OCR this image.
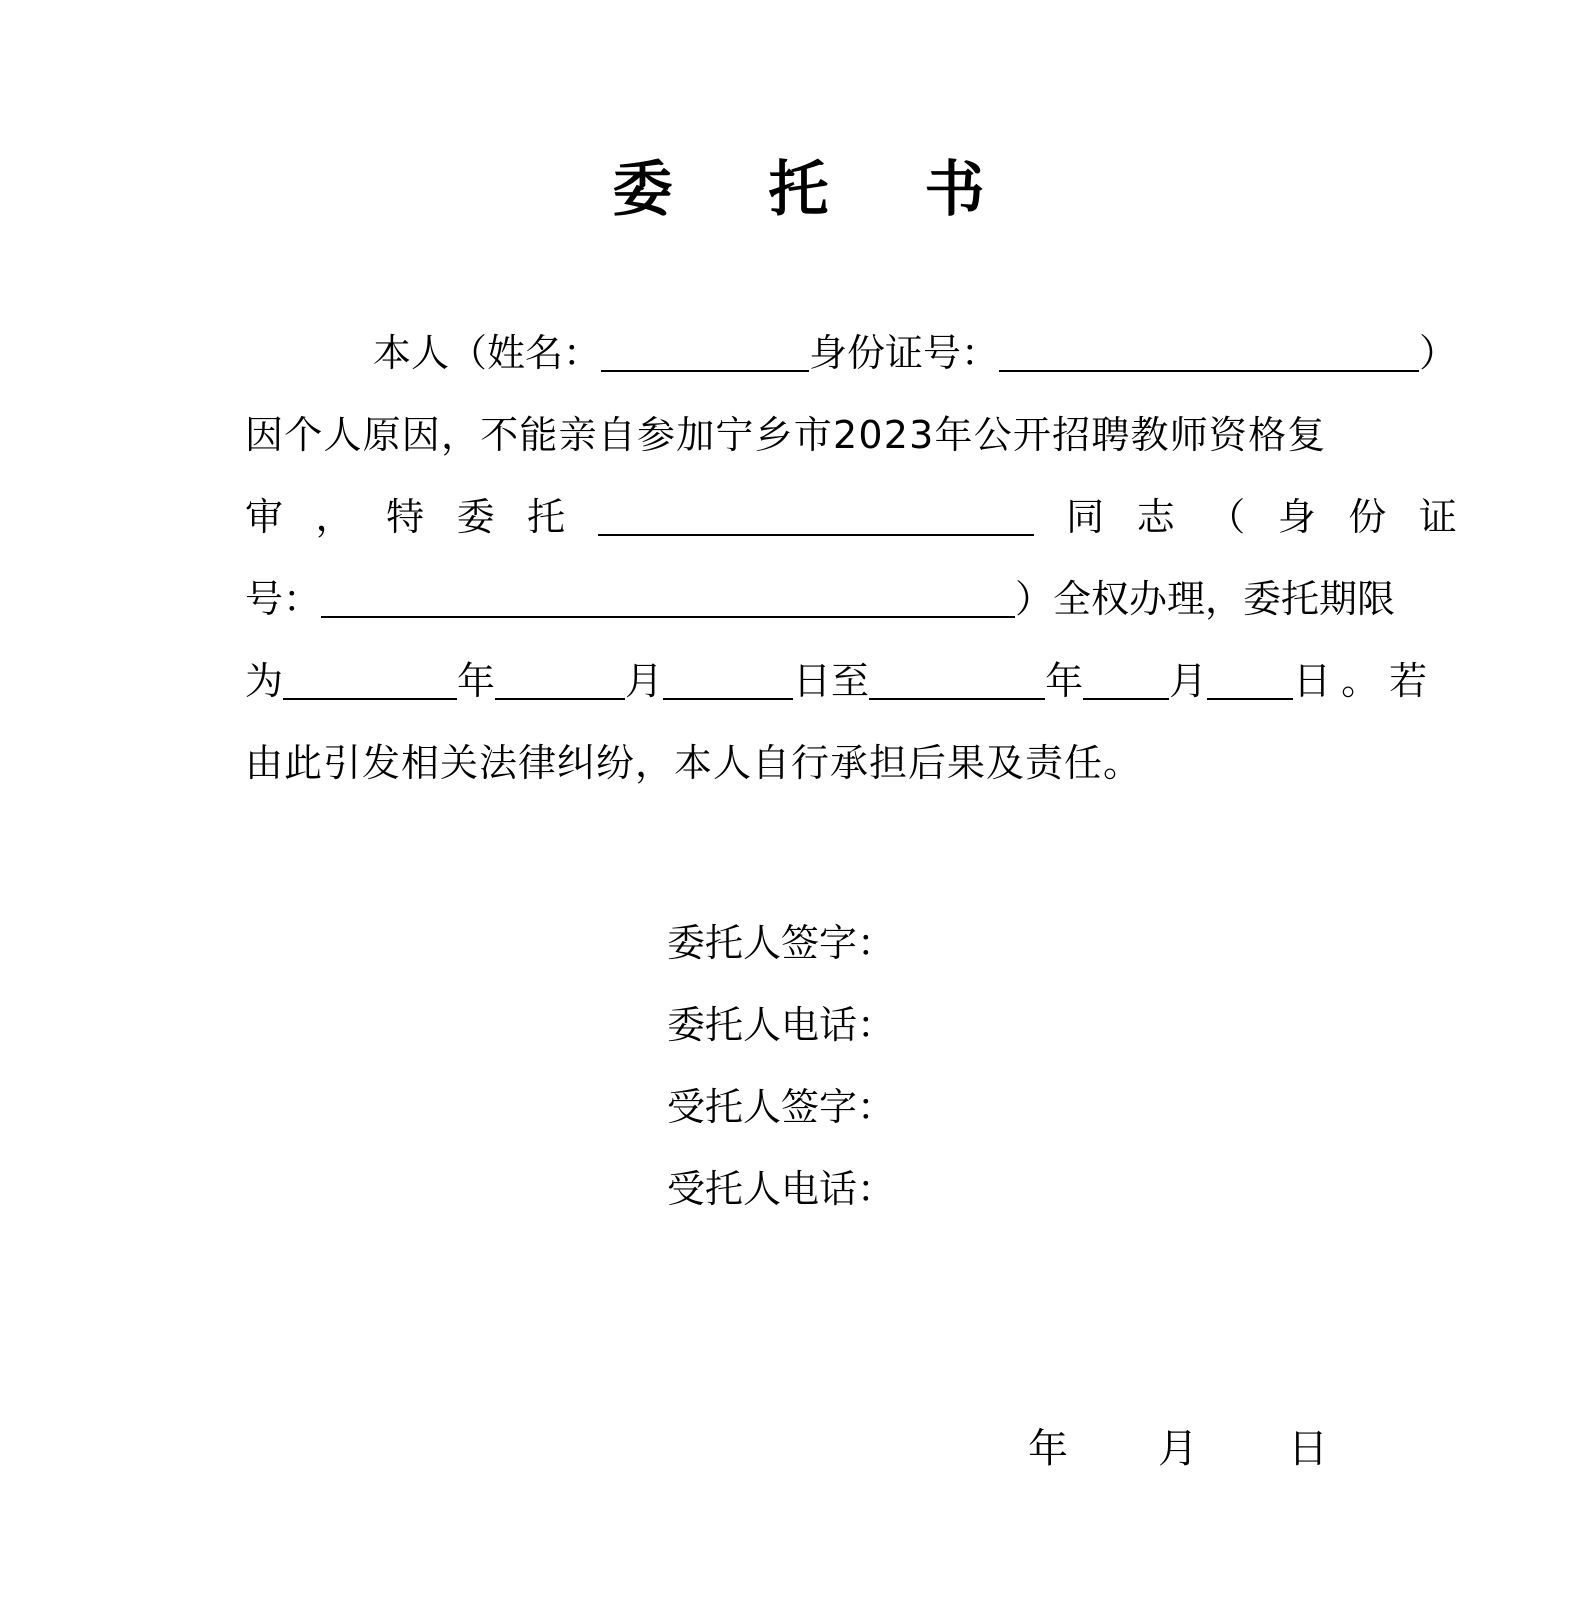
委 托 书
本人（姓名：	身份证号：	）
因个人原因，不能亲自参加宁乡市2023年公开招聘教师资格复
审 ， 特 委 托	同 志 （ 身 份 证
号：	）全权办理，委托期限
为	年	月	日至	年 月 日。若
由此引发相关法律纠纷，本人自行承担后果及责任。
委托人签字：
委托人电话：
受托人签字：
受托人电话：
年 月 日
